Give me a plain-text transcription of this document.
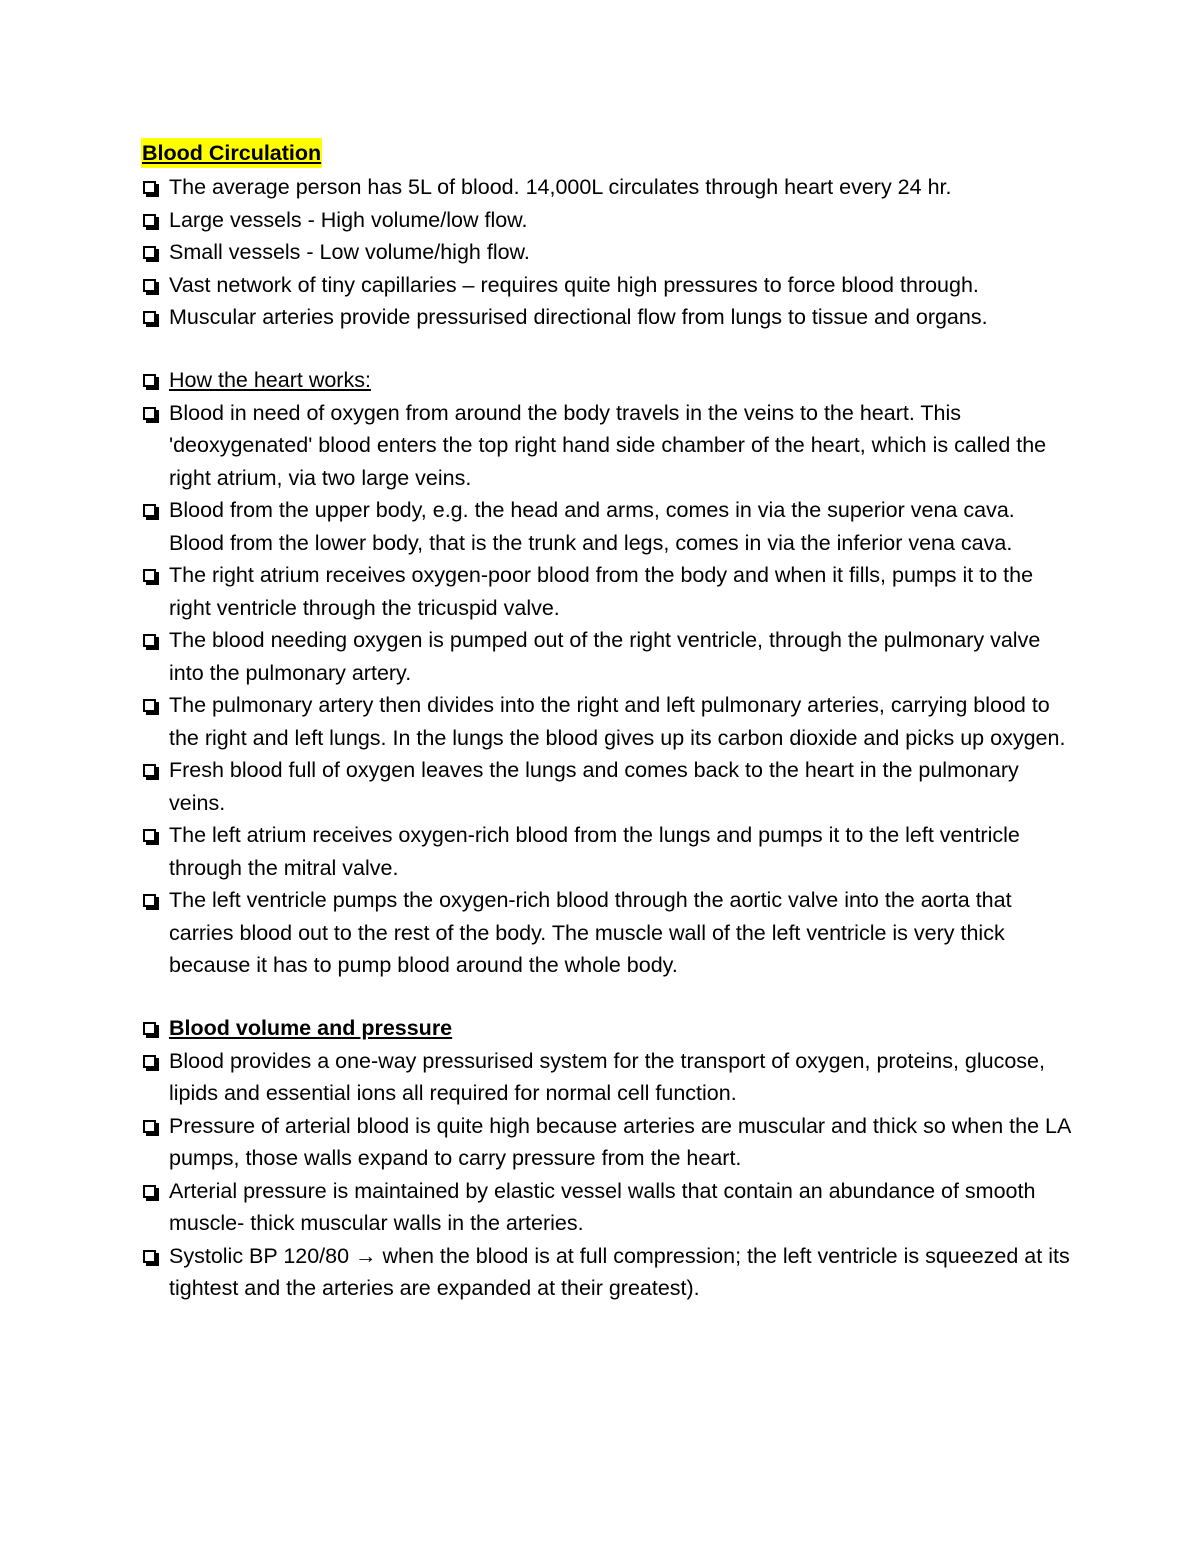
Blood Circulation
The average person has 5L of blood. 14,000L circulates through heart every 24 hr.
Large vessels - High volume/low flow.
Small vessels - Low volume/high flow.
Vast network of tiny capillaries – requires quite high pressures to force blood through.
Muscular arteries provide pressurised directional flow from lungs to tissue and organs.
How the heart works:
Blood in need of oxygen from around the body travels in the veins to the heart. This 'deoxygenated' blood enters the top right hand side chamber of the heart, which is called the right atrium, via two large veins.
Blood from the upper body, e.g. the head and arms, comes in via the superior vena cava. Blood from the lower body, that is the trunk and legs, comes in via the inferior vena cava.
The right atrium receives oxygen-poor blood from the body and when it fills, pumps it to the right ventricle through the tricuspid valve.
The blood needing oxygen is pumped out of the right ventricle, through the pulmonary valve into the pulmonary artery.
The pulmonary artery then divides into the right and left pulmonary arteries, carrying blood to the right and left lungs. In the lungs the blood gives up its carbon dioxide and picks up oxygen.
Fresh blood full of oxygen leaves the lungs and comes back to the heart in the pulmonary veins.
The left atrium receives oxygen-rich blood from the lungs and pumps it to the left ventricle through the mitral valve.
The left ventricle pumps the oxygen-rich blood through the aortic valve into the aorta that carries blood out to the rest of the body. The muscle wall of the left ventricle is very thick because it has to pump blood around the whole body.
Blood volume and pressure
Blood provides a one-way pressurised system for the transport of oxygen, proteins, glucose, lipids and essential ions all required for normal cell function.
Pressure of arterial blood is quite high because arteries are muscular and thick so when the LA pumps, those walls expand to carry pressure from the heart.
Arterial pressure is maintained by elastic vessel walls that contain an abundance of smooth muscle- thick muscular walls in the arteries.
Systolic BP 120/80 → when the blood is at full compression; the left ventricle is squeezed at its tightest and the arteries are expanded at their greatest).
